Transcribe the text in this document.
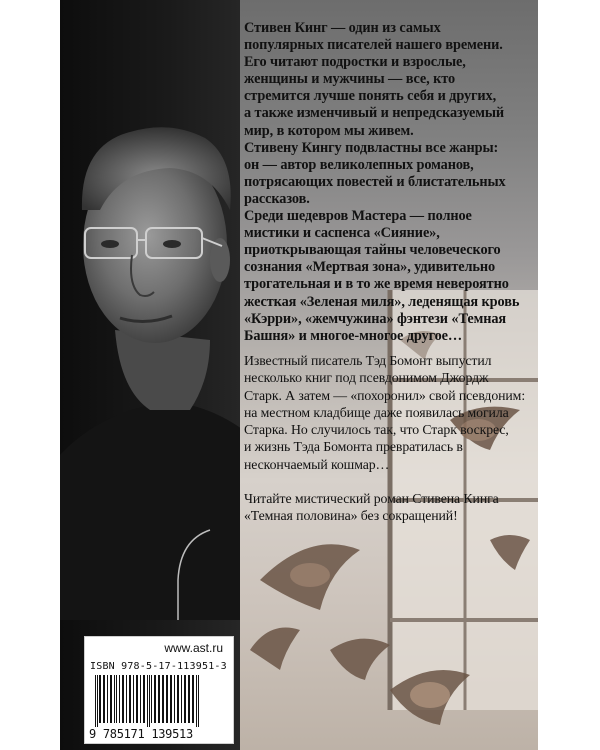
www.ast.ru
ISBN 978-5-17-113951-3
9 785171 139513

Стивен Кинг — один из самых
популярных писателей нашего времени.
Его читают подростки и взрослые,
женщины и мужчины — все, кто
стремится лучше понять себя и других,
а также изменчивый и непредсказуемый
мир, в котором мы живем.

Стивену Кингу подвластны все жанры:
он — автор великолепных романов,
потрясающих повестей и блистательных
рассказов.

Среди шедевров Мастера — полное
мистики и саспенса «Сияние»,
приоткрывающая тайны человеческого
сознания «Мертвая зона», удивительно
трогательная и в то же время невероятно
жесткая «Зеленая миля», леденящая кровь
«Кэрри», «жемчужина» фэнтези «Темная
Башня» и многое-многое другое…

Известный писатель Тэд Бомонт выпустил
несколько книг под псевдонимом Джордж
Старк. А затем — «похоронил» свой псевдоним:
на местном кладбище даже появилась могила
Старка. Но случилось так, что Старк воскрес,
и жизнь Тэда Бомонта превратилась в
нескончаемый кошмар…

Читайте мистический роман Стивена Кинга
«Темная половина» без сокращений!
